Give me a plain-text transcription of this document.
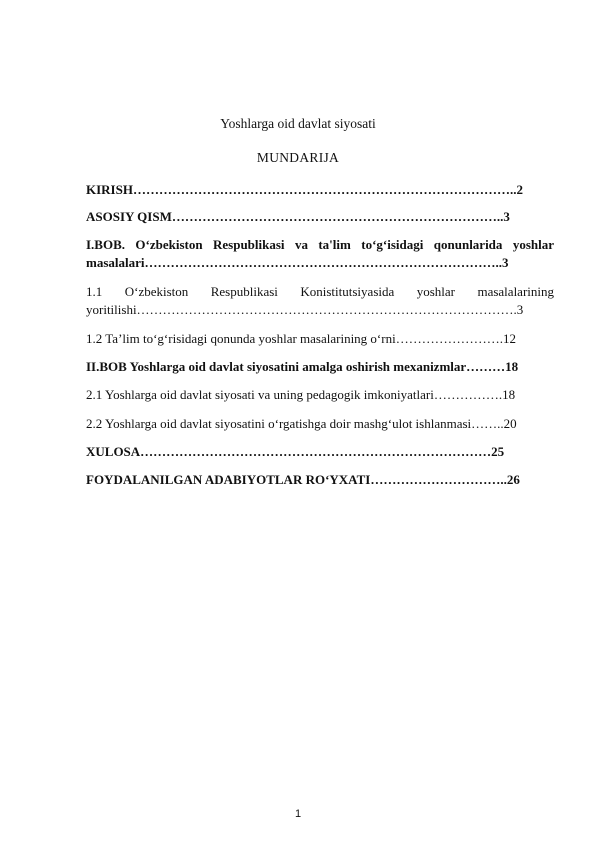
Yoshlarga oid davlat siyosati
MUNDARIJA
KIRISH……………………………………………………………………………..2
ASOSIY QISM…………………………………………………………………..3
I.BOB. O‘zbekiston Respublikasi va ta'lim to‘g‘isidagi qonunlarida yoshlar
masalalari………………………………………………………………………..3
1.1 O‘zbekiston Respublikasi Konistitutsiyasida yoshlar masalalarining
yoritilishi…………………………………………………………………………….3
1.2 Ta’lim to‘g‘risidagi qonunda yoshlar masalarining o‘rni…………………….12
II.BOB Yoshlarga oid davlat siyosatini amalga oshirish mexanizmlar………18
2.1 Yoshlarga oid davlat siyosati va uning pedagogik imkoniyatlari…………….18
2.2 Yoshlarga oid davlat siyosatini o‘rgatishga doir mashg‘ulot ishlanmasi……..20
XULOSA………………………………………………………………………25
FOYDALANILGAN ADABIYOTLAR RO‘YXATI…………………………..26
1
